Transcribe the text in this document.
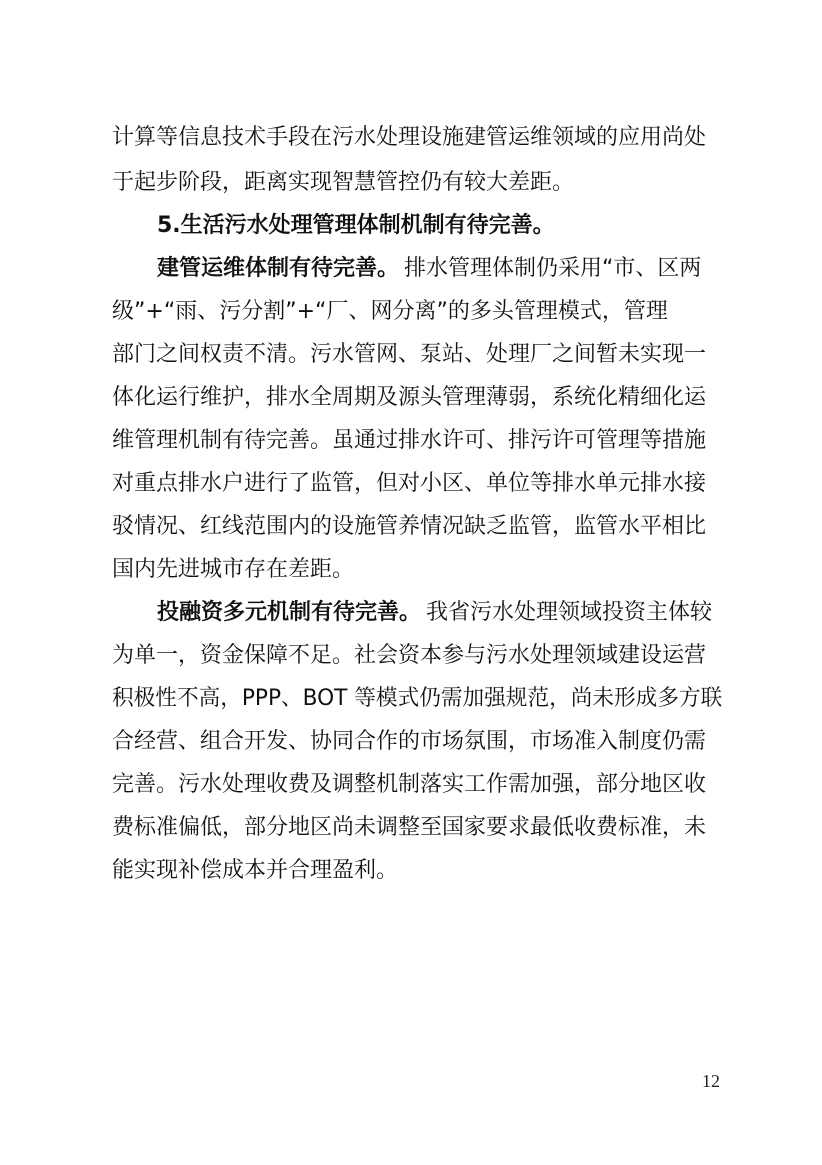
计算等信息技术手段在污水处理设施建管运维领域的应用尚处
于起步阶段，距离实现智慧管控仍有较大差距。
5.生活污水处理管理体制机制有待完善。
建管运维体制有待完善。 排水管理体制仍采用“市、区两
级”+“雨、污分割”+“厂、网分离”的多头管理模式，管理
部门之间权责不清。污水管网、泵站、处理厂之间暂未实现一
体化运行维护，排水全周期及源头管理薄弱，系统化精细化运
维管理机制有待完善。虽通过排水许可、排污许可管理等措施
对重点排水户进行了监管，但对小区、单位等排水单元排水接
驳情况、红线范围内的设施管养情况缺乏监管，监管水平相比
国内先进城市存在差距。
投融资多元机制有待完善。 我省污水处理领域投资主体较
为单一，资金保障不足。社会资本参与污水处理领域建设运营
积极性不高，PPP、BOT 等模式仍需加强规范，尚未形成多方联
合经营、组合开发、协同合作的市场氛围，市场准入制度仍需
完善。污水处理收费及调整机制落实工作需加强，部分地区收
费标准偏低，部分地区尚未调整至国家要求最低收费标准，未
能实现补偿成本并合理盈利。
12
